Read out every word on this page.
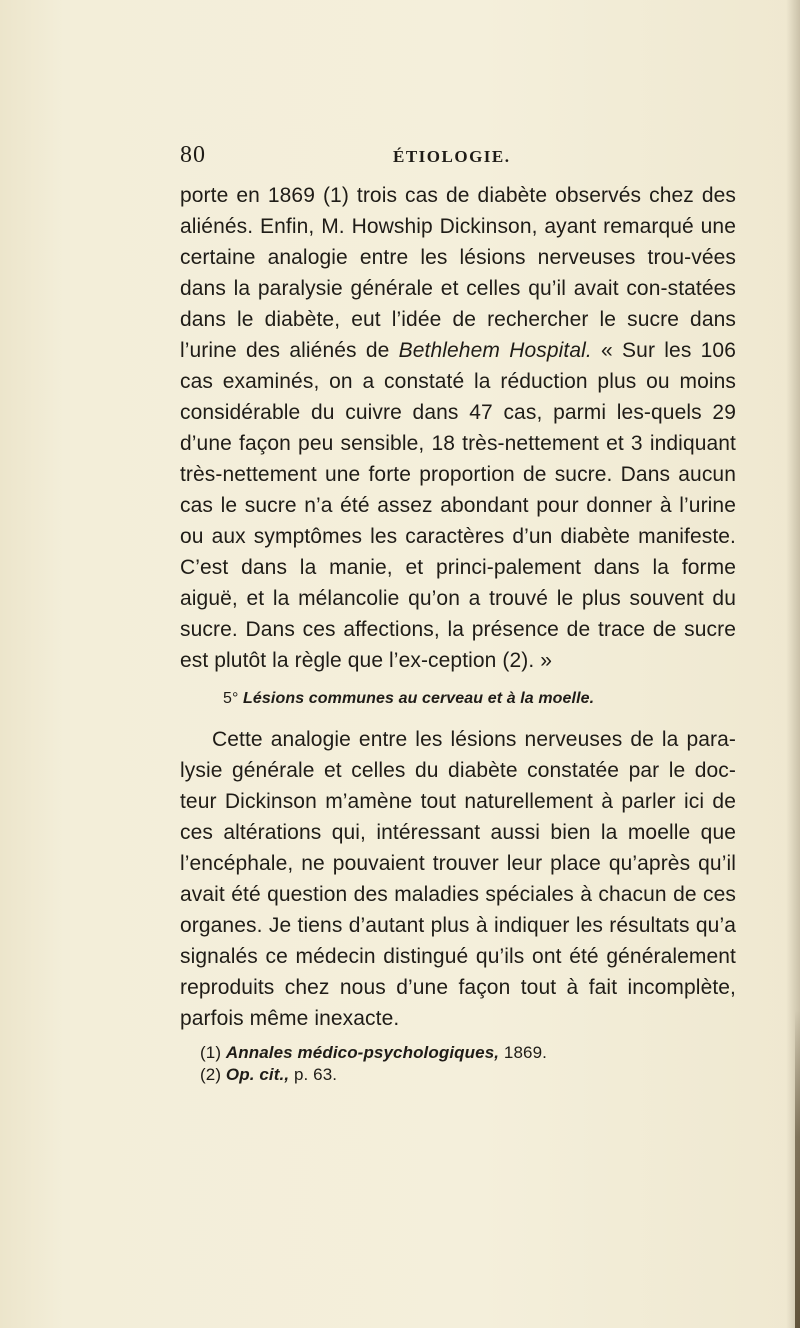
80	ÉTIOLOGIE.

porte en 1869 (1) trois cas de diabète observés chez des aliénés. Enfin, M. Howship Dickinson, ayant remarqué une certaine analogie entre les lésions nerveuses trou-vées dans la paralysie générale et celles qu’il avait con-statées dans le diabète, eut l’idée de rechercher le sucre dans l’urine des aliénés de Bethlehem Hospital. « Sur les 106 cas examinés, on a constaté la réduction plus ou moins considérable du cuivre dans 47 cas, parmi les-quels 29 d’une façon peu sensible, 18 très-nettement et 3 indiquant très-nettement une forte proportion de sucre. Dans aucun cas le sucre n’a été assez abondant pour donner à l’urine ou aux symptômes les caractères d’un diabète manifeste. C’est dans la manie, et princi-palement dans la forme aiguë, et la mélancolie qu’on a trouvé le plus souvent du sucre. Dans ces affections, la présence de trace de sucre est plutôt la règle que l’ex-ception (2). »

5° Lésions communes au cerveau et à la moelle.

Cette analogie entre les lésions nerveuses de la para-lysie générale et celles du diabète constatée par le doc-teur Dickinson m’amène tout naturellement à parler ici de ces altérations qui, intéressant aussi bien la moelle que l’encéphale, ne pouvaient trouver leur place qu’après qu’il avait été question des maladies spéciales à chacun de ces organes. Je tiens d’autant plus à indiquer les résultats qu’a signalés ce médecin distingué qu’ils ont été généralement reproduits chez nous d’une façon tout à fait incomplète, parfois même inexacte.

(1) Annales médico-psychologiques, 1869.
(2) Op. cit., p. 63.
